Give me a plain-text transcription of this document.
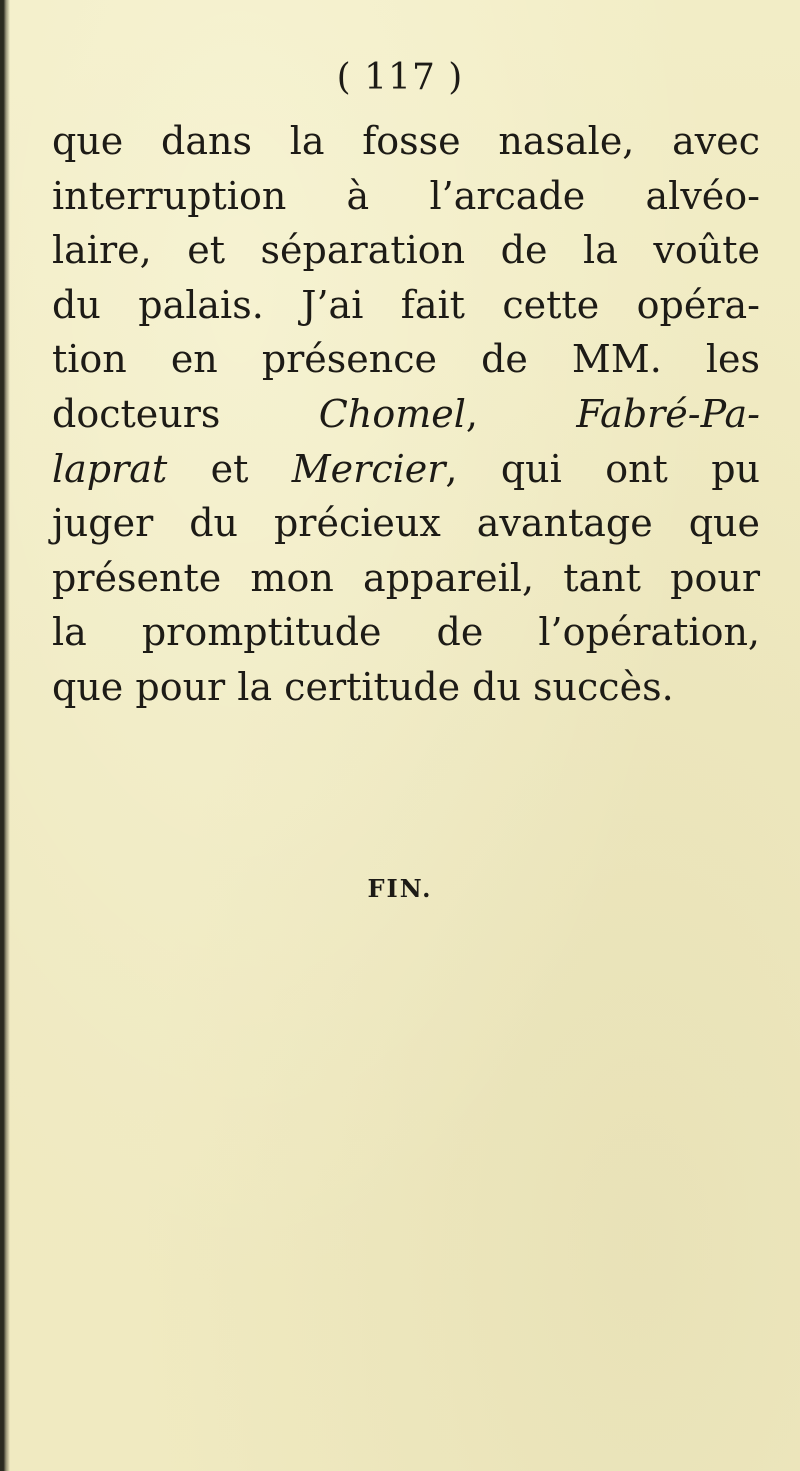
( 117 )
que dans la fosse nasale, avec
interruption à l’arcade alvéo-
laire, et séparation de la voûte
du palais. J’ai fait cette opéra-
tion en présence de MM. les
docteurs Chomel, Fabré-Pa-
laprat et Mercier, qui ont pu
juger du précieux avantage que
présente mon appareil, tant pour
la promptitude de l’opération,
que pour la certitude du succès.
FIN.
